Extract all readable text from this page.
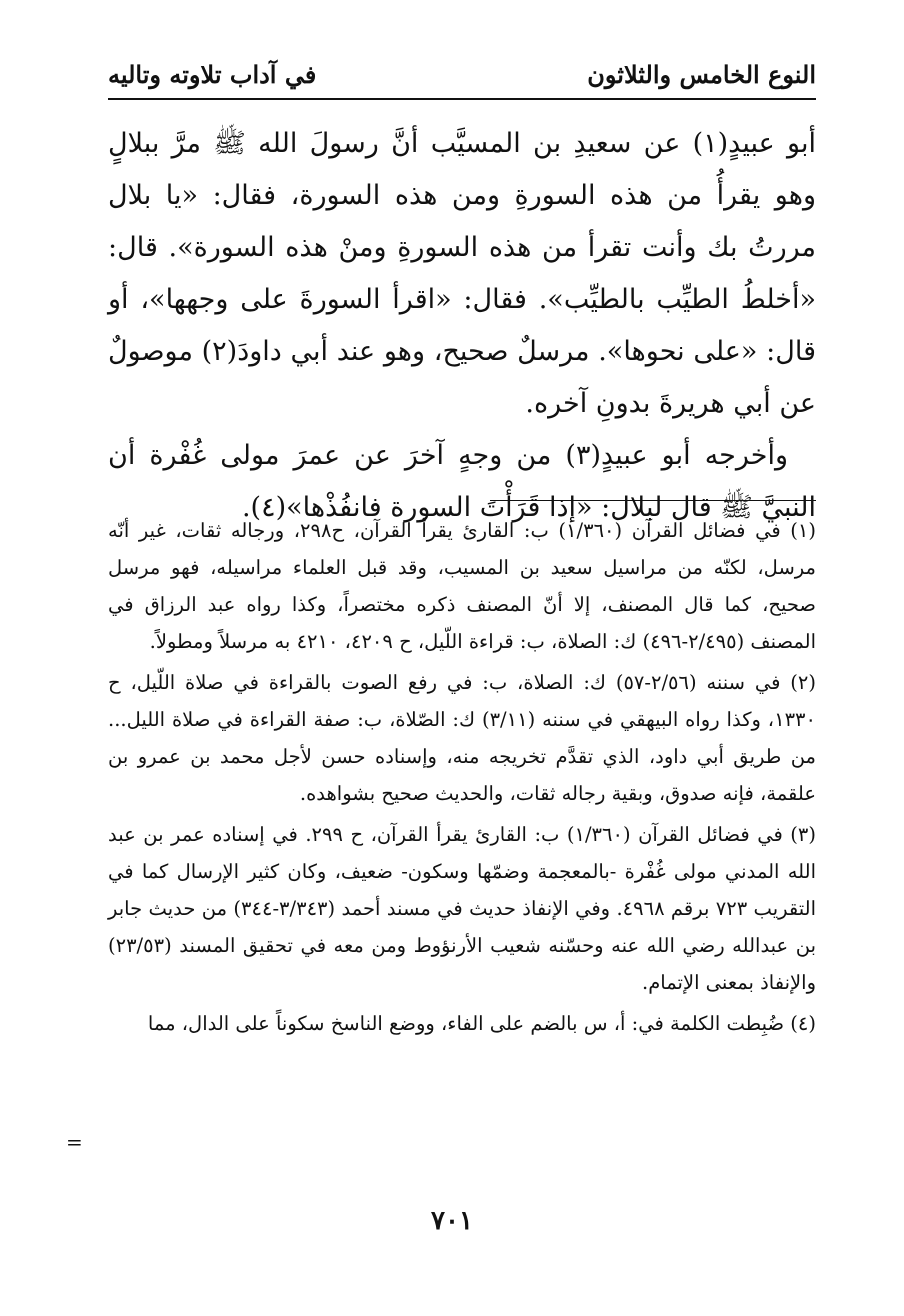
النوع الخامس والثلاثون
في آداب تلاوته وتاليه

أبو عبيدٍ(١) عن سعيدِ بن المسيَّب أنَّ رسولَ الله ﷺ مرَّ ببلالٍ وهو يقرأُ من هذه السورةِ ومن هذه السورة، فقال: «يا بلال مررتُ بك وأنت تقرأ من هذه السورةِ ومنْ هذه السورة». قال: «أخلطُ الطيِّب بالطيِّب». فقال: «اقرأ السورةَ على وجهها»، أو قال: «على نحوها». مرسلٌ صحيح، وهو عند أبي داودَ(٢) موصولٌ عن أبي هريرةَ بدونِ آخره.

وأخرجه أبو عبيدٍ(٣) من وجهٍ آخرَ عن عمرَ مولى غُفْرة أن النبيَّ ﷺ قال لبلال: «إذا قَرَأْتَ السورة فانفُذْها»(٤).

(١) في فضائل القرآن (١/٣٦٠) ب: القارئ يقرأ القرآن، ح٢٩٨، ورجاله ثقات، غير أنّه مرسل، لكنّه من مراسيل سعيد بن المسيب، وقد قبل العلماء مراسيله، فهو مرسل صحيح، كما قال المصنف، إلا أنّ المصنف ذكره مختصراً، وكذا رواه عبد الرزاق في المصنف (٢/٤٩٥-٤٩٦) ك: الصلاة، ب: قراءة اللّيل، ح ٤٢٠٩، ٤٢١٠ به مرسلاً ومطولاً.

(٢) في سننه (٢/٥٦-٥٧) ك: الصلاة، ب: في رفع الصوت بالقراءة في صلاة اللّيل، ح ١٣٣٠، وكذا رواه البيهقي في سننه (٣/١١) ك: الصّلاة، ب: صفة القراءة في صلاة الليل... من طريق أبي داود، الذي تقدَّم تخريجه منه، وإسناده حسن لأجل محمد بن عمرو بن علقمة، فإنه صدوق، وبقية رجاله ثقات، والحديث صحيح بشواهده.

(٣) في فضائل القرآن (١/٣٦٠) ب: القارئ يقرأ القرآن، ح ٢٩٩. في إسناده عمر بن عبد الله المدني مولى غُفْرة -بالمعجمة وضمّها وسكون- ضعيف، وكان كثير الإرسال كما في التقريب ٧٢٣ برقم ٤٩٦٨. وفي الإنفاذ حديث في مسند أحمد (٣/٣٤٣-٣٤٤) من حديث جابر بن عبدالله رضي الله عنه وحسّنه شعيب الأرنؤوط ومن معه في تحقيق المسند (٢٣/٥٣) والإنفاذ بمعنى الإتمام.

(٤) ضُبِطت الكلمة في: أ، س بالضم على الفاء، ووضع الناسخ سكوناً على الدال، مما

=
٧٠١
